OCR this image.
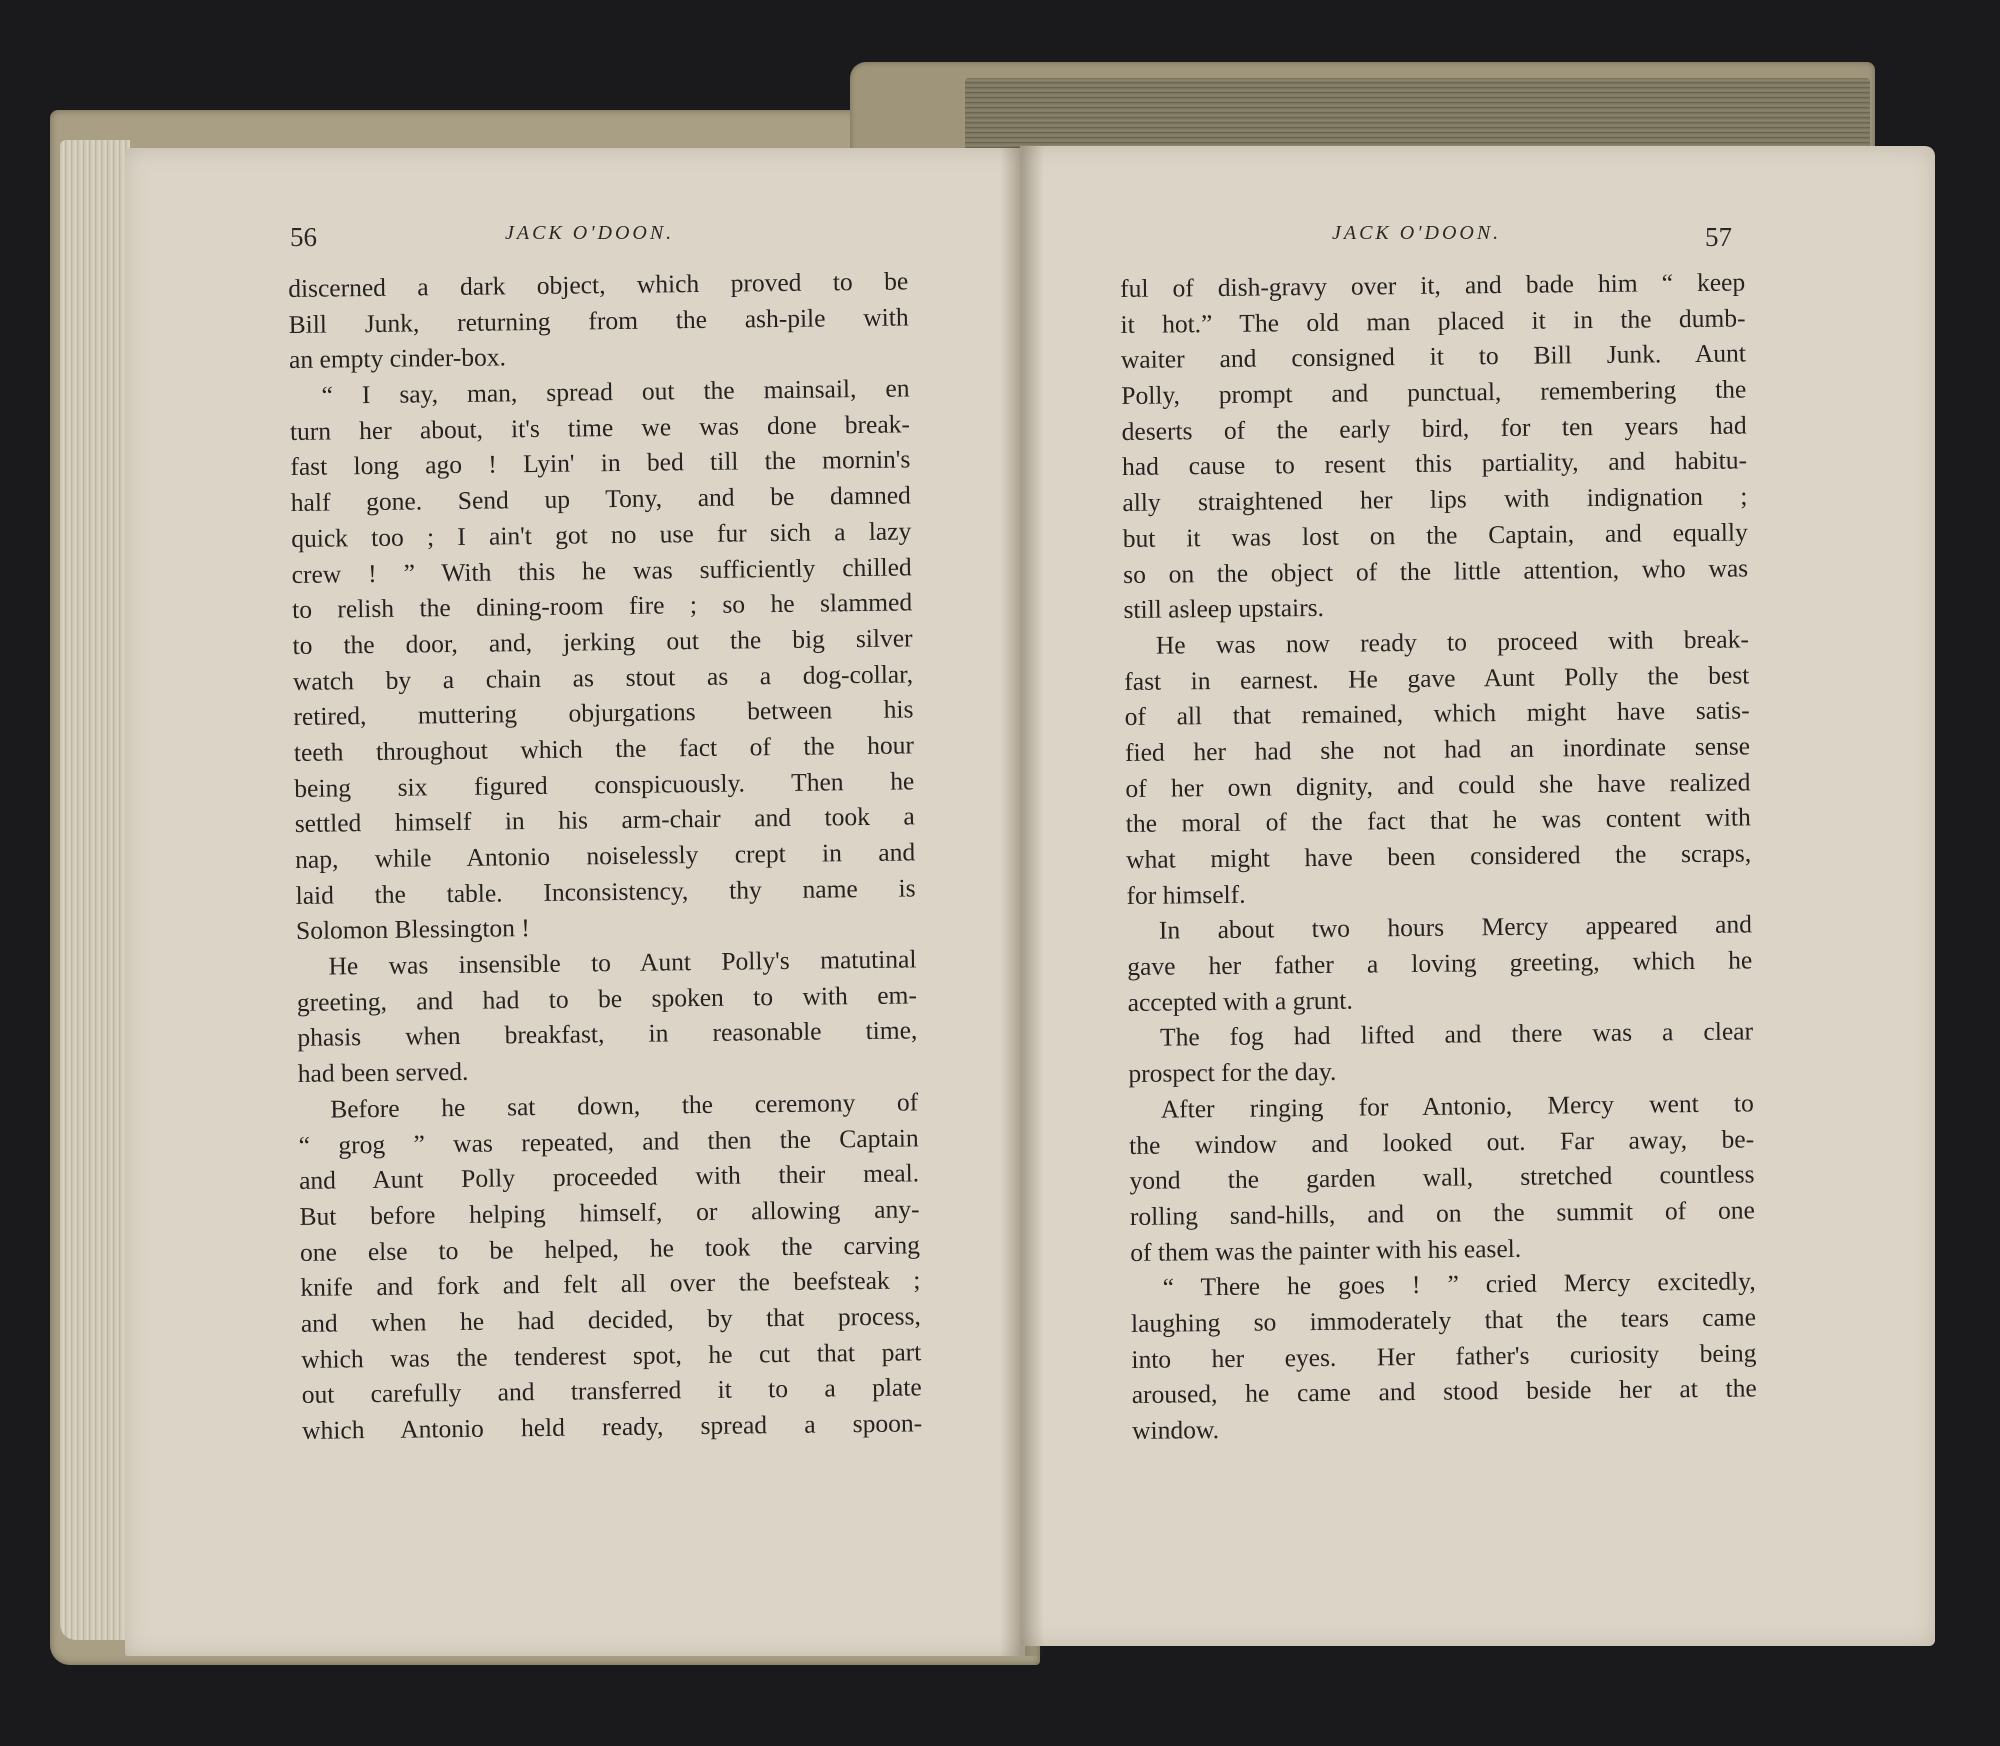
56	JACK O'DOON.	JACK O'DOON.	57
discerned a dark object, which proved to be
Bill Junk, returning from the ash-pile with
an empty cinder-box.
“ I say, man, spread out the mainsail, en
turn her about, it's time we was done break-
fast long ago ! Lyin' in bed till the mornin's
half gone. Send up Tony, and be damned
quick too ; I ain't got no use fur sich a lazy
crew ! ” With this he was sufficiently chilled
to relish the dining-room fire ; so he slammed
to the door, and, jerking out the big silver
watch by a chain as stout as a dog-collar,
retired, muttering objurgations between his
teeth throughout which the fact of the hour
being six figured conspicuously. Then he
settled himself in his arm-chair and took a
nap, while Antonio noiselessly crept in and
laid the table. Inconsistency, thy name is
Solomon Blessington !
He was insensible to Aunt Polly's matutinal
greeting, and had to be spoken to with em-
phasis when breakfast, in reasonable time,
had been served.
Before he sat down, the ceremony of
“ grog ” was repeated, and then the Captain
and Aunt Polly proceeded with their meal.
But before helping himself, or allowing any-
one else to be helped, he took the carving
knife and fork and felt all over the beefsteak ;
and when he had decided, by that process,
which was the tenderest spot, he cut that part
out carefully and transferred it to a plate
which Antonio held ready, spread a spoon-
ful of dish-gravy over it, and bade him “ keep
it hot.” The old man placed it in the dumb-
waiter and consigned it to Bill Junk. Aunt
Polly, prompt and punctual, remembering the
deserts of the early bird, for ten years had
had cause to resent this partiality, and habitu-
ally straightened her lips with indignation ;
but it was lost on the Captain, and equally
so on the object of the little attention, who was
still asleep upstairs.
He was now ready to proceed with break-
fast in earnest. He gave Aunt Polly the best
of all that remained, which might have satis-
fied her had she not had an inordinate sense
of her own dignity, and could she have realized
the moral of the fact that he was content with
what might have been considered the scraps,
for himself.
In about two hours Mercy appeared and
gave her father a loving greeting, which he
accepted with a grunt.
The fog had lifted and there was a clear
prospect for the day.
After ringing for Antonio, Mercy went to
the window and looked out. Far away, be-
yond the garden wall, stretched countless
rolling sand-hills, and on the summit of one
of them was the painter with his easel.
“ There he goes ! ” cried Mercy excitedly,
laughing so immoderately that the tears came
into her eyes. Her father's curiosity being
aroused, he came and stood beside her at the
window.
